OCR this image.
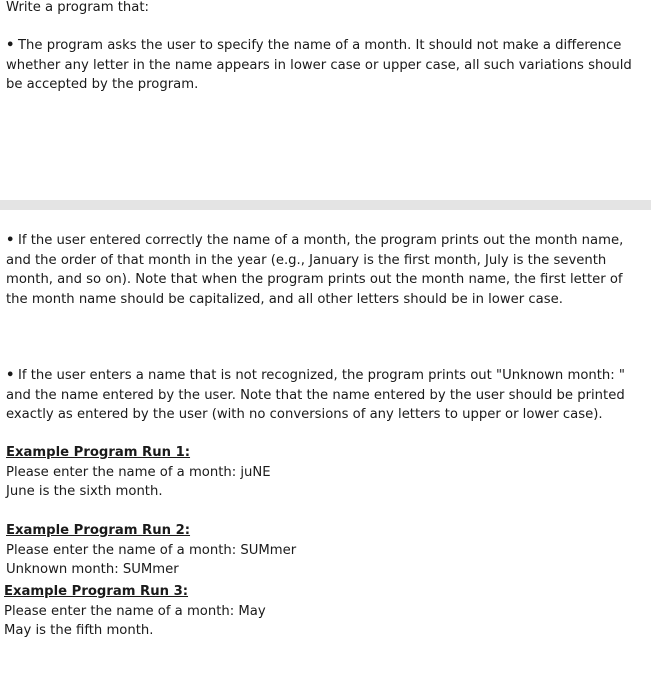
Write a program that:

• The program asks the user to specify the name of a month. It should not make a difference whether any letter in the name appears in lower case or upper case, all such variations should be accepted by the program.

• If the user entered correctly the name of a month, the program prints out the month name, and the order of that month in the year (e.g., January is the first month, July is the seventh month, and so on). Note that when the program prints out the month name, the first letter of the month name should be capitalized, and all other letters should be in lower case.

• If the user enters a name that is not recognized, the program prints out "Unknown month: " and the name entered by the user. Note that the name entered by the user should be printed exactly as entered by the user (with no conversions of any letters to upper or lower case).

Example Program Run 1:

Please enter the name of a month: juNE

June is the sixth month.

Example Program Run 2:

Please enter the name of a month: SUMmer

Unknown month: SUMmer

Example Program Run 3:

Please enter the name of a month: May

May is the fifth month.
